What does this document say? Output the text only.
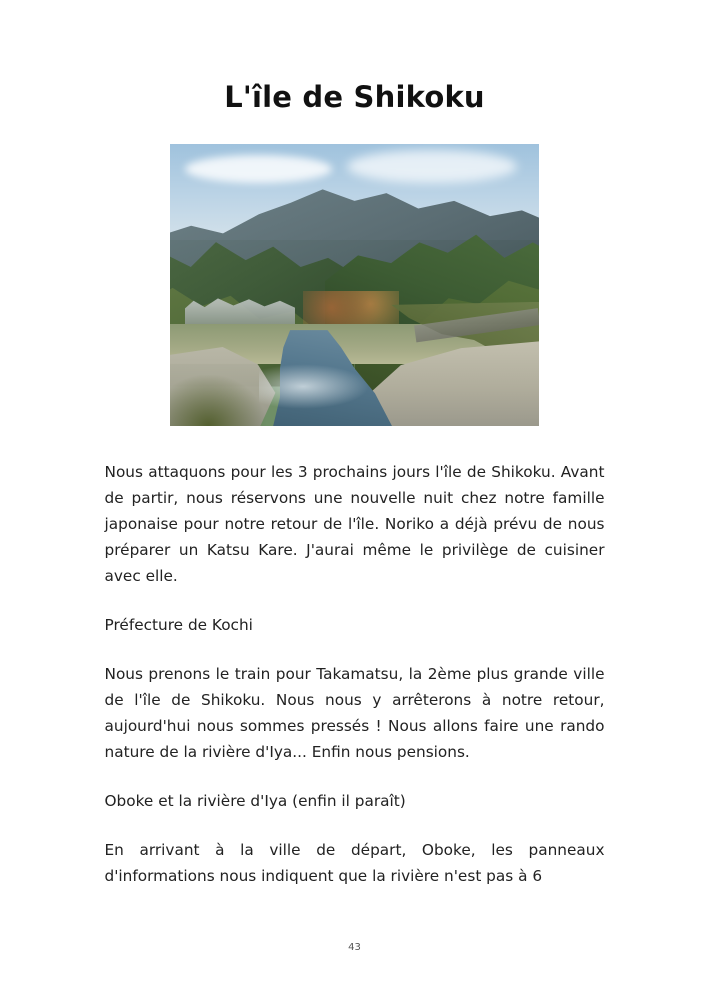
L'île de Shikoku

Nous attaquons pour les 3 prochains jours l'île de Shikoku. Avant de partir, nous réservons une nouvelle nuit chez notre famille japonaise pour notre retour de l'île. Noriko a déjà prévu de nous préparer un Katsu Kare. J'aurai même le privilège de cuisiner avec elle.

Préfecture de Kochi

Nous prenons le train pour Takamatsu, la 2ème plus grande ville de l'île de Shikoku. Nous nous y arrêterons à notre retour, aujourd'hui nous sommes pressés ! Nous allons faire une rando nature de la rivière d'Iya... Enfin nous pensions.

Oboke et la rivière d'Iya (enfin il paraît)

En arrivant à la ville de départ, Oboke, les panneaux d'informations nous indiquent que la rivière n'est pas à 6

43
